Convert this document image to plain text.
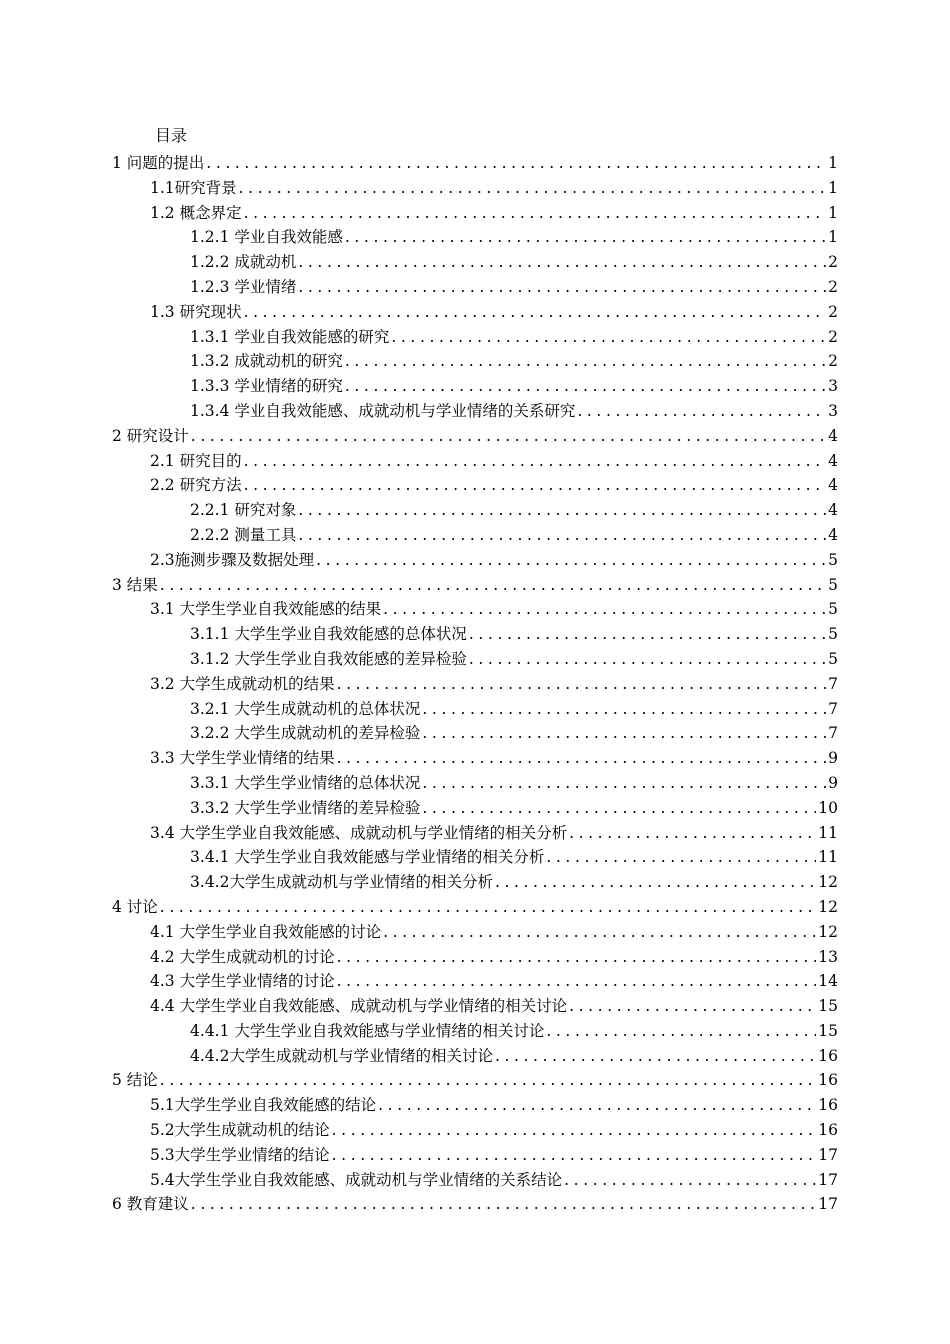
目录
1 问题的提出 .....	1
1.1研究背景 .....	1
1.2 概念界定 .....	1
1.2.1 学业自我效能感 .....	1
1.2.2 成就动机 .....	2
1.2.3 学业情绪 .....	2
1.3 研究现状 .....	2
1.3.1 学业自我效能感的研究 .....	2
1.3.2 成就动机的研究 .....	2
1.3.3 学业情绪的研究 .....	3
1.3.4 学业自我效能感、成就动机与学业情绪的关系研究 .....	3
2 研究设计 .....	4
2.1 研究目的 .....	4
2.2 研究方法 .....	4
2.2.1 研究对象 .....	4
2.2.2 测量工具 .....	4
2.3施测步骤及数据处理 .....	5
3 结果 .....	5
3.1 大学生学业自我效能感的结果 .....	5
3.1.1 大学生学业自我效能感的总体状况 .....	5
3.1.2 大学生学业自我效能感的差异检验 .....	5
3.2 大学生成就动机的结果 .....	7
3.2.1 大学生成就动机的总体状况 .....	7
3.2.2 大学生成就动机的差异检验 .....	7
3.3 大学生学业情绪的结果 .....	9
3.3.1 大学生学业情绪的总体状况 .....	9
3.3.2 大学生学业情绪的差异检验 .....	10
3.4 大学生学业自我效能感、成就动机与学业情绪的相关分析 .....	11
3.4.1 大学生学业自我效能感与学业情绪的相关分析 .....	11
3.4.2大学生成就动机与学业情绪的相关分析 .....	12
4 讨论 .....	12
4.1 大学生学业自我效能感的讨论 .....	12
4.2 大学生成就动机的讨论 .....	13
4.3 大学生学业情绪的讨论 .....	14
4.4 大学生学业自我效能感、成就动机与学业情绪的相关讨论 .....	15
4.4.1 大学生学业自我效能感与学业情绪的相关讨论 .....	15
4.4.2大学生成就动机与学业情绪的相关讨论 .....	16
5 结论 .....	16
5.1大学生学业自我效能感的结论 .....	16
5.2大学生成就动机的结论 .....	16
5.3大学生学业情绪的结论 .....	17
5.4大学生学业自我效能感、成就动机与学业情绪的关系结论 .....	17
6 教育建议 .....	17
